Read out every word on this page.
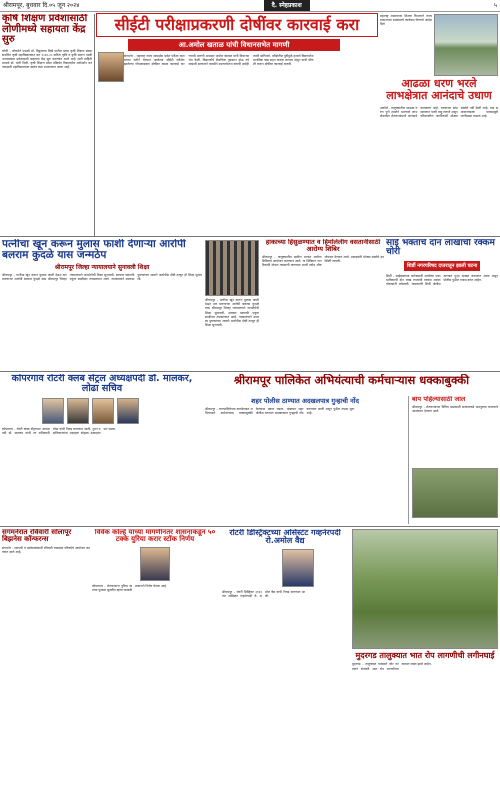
श्रीरामपूर, बुधवार दि.०५ जून २०२४	दै. स्नेहप्रकाश	५
कृषि शिक्षण प्रवेशासाठी लोणीमध्ये सहायता केंद्र सुरु
लोणी - लोकनेते पद्मश्री डॉ. विठ्ठलराव विखे पाटील प्रवरा कृषी शिक्षण संस्था संचलित कृषी महाविद्यालयात सन २०२४-२५ करिता कृषि व कृषि संलग्न पदवी अभ्यासक्रम प्रवेशासाठी सहायता केंद्र सुरु करण्यात आले आहे अशी माहिती प्राचार्य डॉ. यांनी दिली. कृषी शिक्षण प्रवेश प्रक्रियेत विद्यार्थ्यांना मार्गदर्शन करण्यासाठी महाविद्यालयात स्वतंत्र कक्ष उभारण्यात आला आहे.
सीईटी परीक्षाप्रकरणी दोषींवर कारवाई करा
आ.अमोल खताळ यांची विधानसभेत मागणी
संगमनेर - महाराष्ट्र राज्य सामाईक प्रवेश परीक्षा कक्ष यांच्या वतीने घेण्यात आलेल्या सीईटी परीक्षेत झालेल्या गोंधळाबाबत दोषींवर कडक कारवाई करण्याची मागणी आमदार अमोल खताळ यांनी विधानसभेत केली. विद्यार्थ्यांचे शैक्षणिक नुकसान होऊ नये यासाठी सरकारने तातडीने उपाययोजना करावी असेही त्यांनी सांगितले. परीक्षेतील त्रुटींमुळे हजारो विद्यार्थ्यांना मानसिक त्रास सहन करावा लागला असून याची चौकशी करून दोषींवर कारवाई करावी.
महाराष्ट्र शासनाच्या शिक्षण विभागाने राज्य शासनाच्या शाळांमध्ये कार्यक्रम घेण्याचे आदेश दिले
आढळा धरण भरले लाभक्षेत्रात आनंदाचे उधाण
अकोले - तालुक्यातील आढळा धरण पूर्ण क्षमतेने भरल्याने लाभक्षेत्रातील शेतकऱ्यांमध्ये आनंदाचे वातावरण आहे. धरणाच्या सांडव्यावरून पाणी वाहू लागले असून परिसरातील नागरिकांनी मोठ्या संख्येने गर्दी केली आहे. यंदा समाधानकारक पावसामुळे पाणीसाठा वाढला आहे.
पत्नीचा खून करून मुलास फाशी देणाऱ्या आरोपी बलराम कुदळे यास जन्मठेप
श्रीरामपूर जिल्हा न्यायालयाने सुनावली शिक्षा
श्रीरामपूर - पत्नीचा खून करून मुलास फाशी देऊन ठार मारणाऱ्या आरोपी बलराम कुदळे यास श्रीरामपूर जिल्हा न्यायालयाने जन्मठेपेची शिक्षा सुनावली. सरकार पक्षातर्फे एकूण साक्षीदार तपासण्यात आले. न्यायालयाने उपलब्ध पुराव्यांच्या आधारे आरोपीस दोषी ठरवून ही शिक्षा सुनावली.
श्रीरामपूर - पत्नीचा खून करून मुलास फाशी देऊन ठार मारणाऱ्या आरोपी बलराम कुदळे यास श्रीरामपूर जिल्हा न्यायालयाने जन्मठेपेची शिक्षा सुनावली. सरकार पक्षातर्फे एकूण साक्षीदार तपासण्यात आले. न्यायालयाने उपलब्ध पुराव्यांच्या आधारे आरोपीस दोषी ठरवून ही शिक्षा सुनावली.
हाकाच्या हिसुळण्यात व हिमोलेलींग वसतानीसाठी आरोग्य शिबिर
श्रीरामपूर - तालुक्यातील ग्रामीण भागात आरोग्य शिबिराचे आयोजन करण्यात आले. या शिबिरात नागरिकांची मोफत तपासणी करण्यात आली तसेच औषधोपचार देण्यात आले. ग्रामस्थांनी मोठ्या संख्येने उपस्थिती लावली.
साई भक्ताचे दोन लाखाची रक्कम चोरी
शिर्डी नगरपरिषद दप्तरातून झाली घटना
शिर्डी - साईबाबांच्या दर्शनासाठी आलेल्या एका भाविकाची दोन लाख रुपयांची रक्कम अज्ञात चोरट्यांनी लांबवली. याप्रकरणी शिर्डी पोलीस ठाण्यात गुन्हा दाखल करण्यात आला असून पोलीस पुढील तपास करत आहेत.
कोपरगाव रोटरी क्लब सेंट्रल अध्यक्षपदी डॉ. मालकर, लोढा सचिव
कोपरगाव - रोटरी क्लब सेंट्रलच्या अध्यक्षपदी डॉ. मालकर यांची तर सचिवपदी लोढा यांची निवड करण्यात आली. नूतन पदाधिकाऱ्यांचा पदग्रहण सोहळा उत्साहात पार पडला.
श्रीरामपूर पालिकेत अभियंत्याची कर्मचाऱ्यास धक्काबुक्की
शहर पोलीस ठाण्यात अदखलपात्र गुन्हाची नोंद
श्रीरामपूर - नगरपालिकेच्या कार्यालयात अभियंत्याने कर्मचाऱ्यास धक्काबुक्की केल्याचा प्रकार घडला. याबाबत शहर पोलीस ठाण्यात अदखलपात्र गुन्ह्याची नोंद करण्यात आली असून पुढील तपास सुरू आहे.
बाप पहिल्यासाठी जाल
श्रीरामपूर - शेतकऱ्यांच्या विविध प्रश्नांसाठी सरकारकडे पाठपुरावा करण्याचे आश्वासन देण्यात आले.
संगमनेरात रविवारी सोलापूर बिझनेस कॉन्फरन्स
संगमनेर - व्यापारी व उद्योजकांसाठी रविवारी व्यवसाय परिषदेचे आयोजन करण्यात आले आहे.
विवेक कोल्हे यांच्या मागणीनंतर शासनाकडून ५० टक्के युरिया करार स्टॉक निर्णय
कोपरगाव - शेतकऱ्यांना युरिया खताचा पुरवठा सुरळीत व्हावा यासाठी शासनाने निर्णय घेतला आहे.
रोटरी डिस्ट्रिक्टच्या असिस्टंट गव्हर्नरपदी रो.अमोल वैद्य
श्रीरामपूर - रोटरी डिस्ट्रिक्ट ३१३२ च्या असिस्टंट गव्हर्नरपदी रो. अमोल वैद्य यांची निवड करण्यात आली.
मुदरगड तालुक्यात भात रोप लागणीची लगीनघाई
मुदरगड - तालुक्यात पावसाने जोर धरल्याने शेतकरी भात रोप लागणीच्या कामात व्यस्त झाले आहेत.
